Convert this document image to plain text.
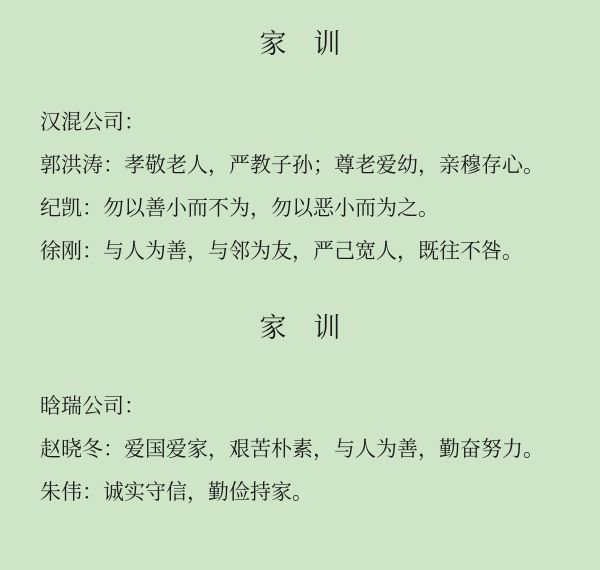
家　训

汉混公司：

郭洪涛：孝敬老人，严教子孙；尊老爱幼，亲穆存心。

纪凯：勿以善小而不为，勿以恶小而为之。

徐刚：与人为善，与邻为友，严己宽人，既往不咎。

家　训

晗瑞公司：

赵晓冬：爱国爱家，艰苦朴素，与人为善，勤奋努力。

朱伟：诚实守信，勤俭持家。
